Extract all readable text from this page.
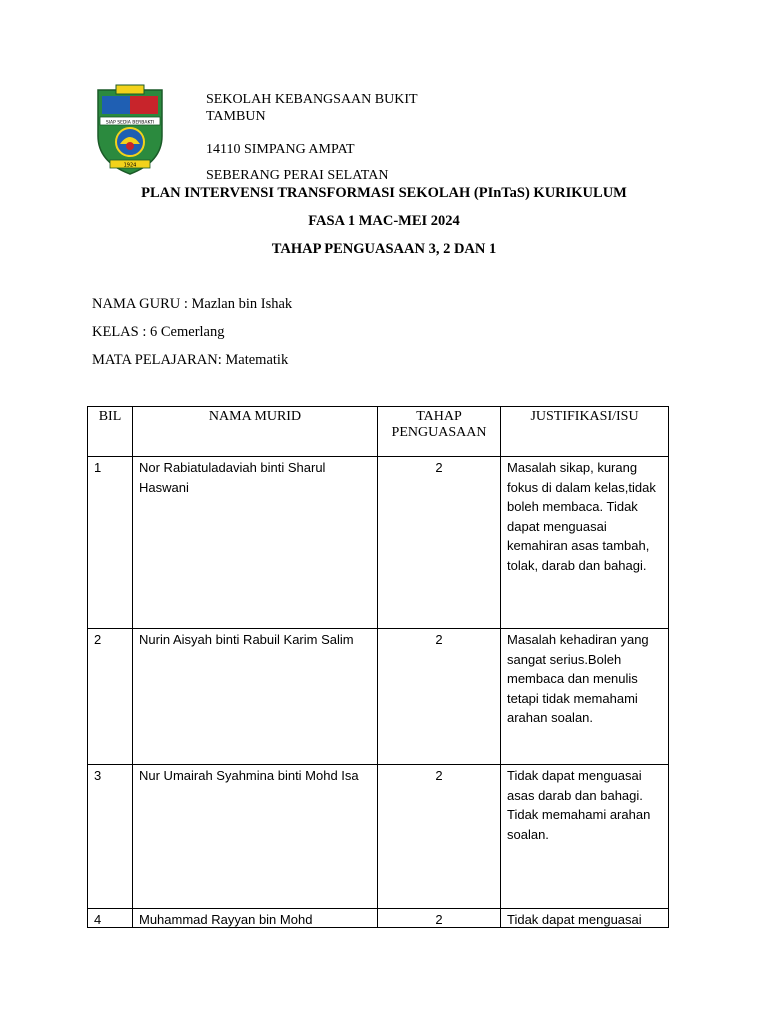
SIAP SEDIA BERBAKTI
1924
SEKOLAH KEBANGSAAN BUKIT TAMBUN
14110 SIMPANG AMPAT
SEBERANG PERAI SELATAN
PLAN INTERVENSI TRANSFORMASI SEKOLAH (PInTaS) KURIKULUM
FASA 1 MAC-MEI 2024
TAHAP PENGUASAAN 3, 2 DAN 1
NAMA GURU : Mazlan bin Ishak
KELAS : 6 Cemerlang
MATA PELAJARAN: Matematik
BIL	NAMA MURID	TAHAP PENGUASAAN	JUSTIFIKASI/ISU
1	Nor Rabiatuladaviah binti Sharul Haswani	2	Masalah sikap, kurang fokus di dalam kelas,tidak boleh membaca. Tidak dapat menguasai kemahiran asas tambah, tolak, darab dan bahagi.
2	Nurin Aisyah binti Rabuil Karim Salim	2	Masalah kehadiran yang sangat serius.Boleh membaca dan menulis tetapi tidak memahami arahan soalan.
3	Nur Umairah Syahmina binti Mohd Isa	2	Tidak dapat menguasai asas darab dan bahagi. Tidak memahami arahan soalan.

4	Muhammad Rayyan bin Mohd	2	Tidak dapat menguasai
